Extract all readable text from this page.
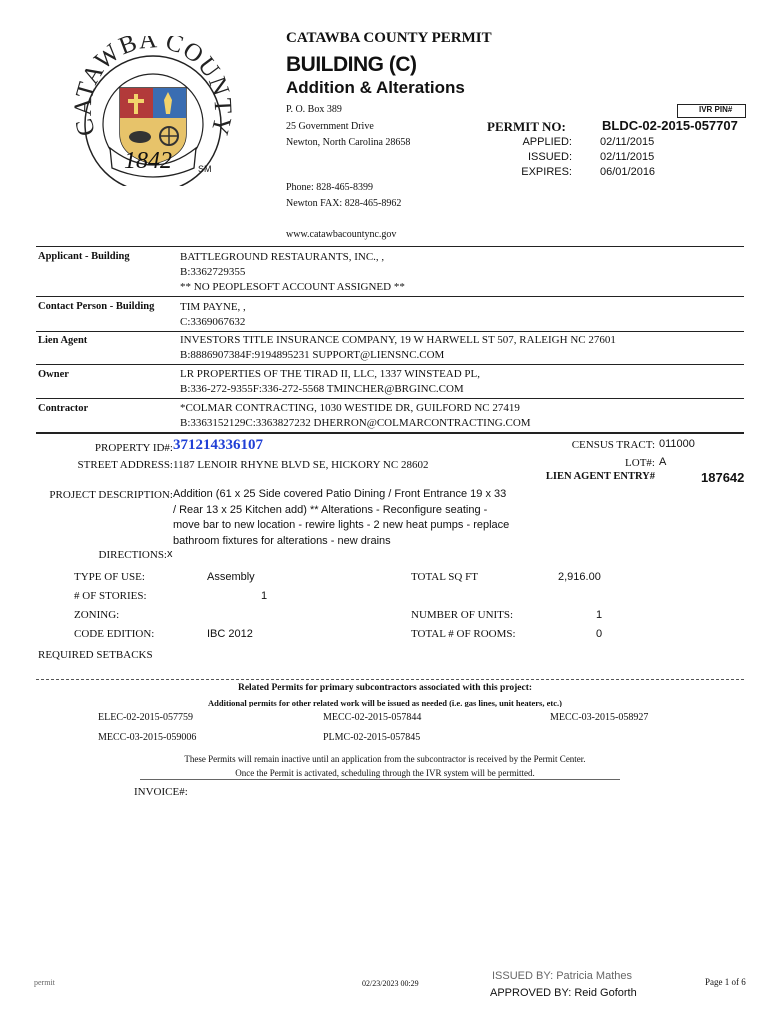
CATAWBA COUNTY
1842	SM
CATAWBA COUNTY PERMIT
BUILDING (C)
Addition & Alterations
P. O. Box 389
25 Government Drive
Newton, North Carolina 28658
Phone: 828-465-8399
Newton FAX: 828-465-8962
www.catawbacountync.gov
IVR PIN#
PERMIT NO:	BLDC-02-2015-057707
APPLIED:	02/11/2015
ISSUED:	02/11/2015
EXPIRES:	06/01/2016
Applicant - Building	BATTLEGROUND RESTAURANTS, INC., ,
B:3362729355
** NO PEOPLESOFT ACCOUNT ASSIGNED **
Contact Person - Building TIM PAYNE, ,
C:3369067632
Lien Agent	INVESTORS TITLE INSURANCE COMPANY, 19 W HARWELL ST 507, RALEIGH NC 27601
B:8886907384F:9194895231 SUPPORT@LIENSNC.COM
Owner	LR PROPERTIES OF THE TIRAD II, LLC, 1337 WINSTEAD PL,
B:336-272-9355F:336-272-5568 TMINCHER@BRGINC.COM
Contractor	*COLMAR CONTRACTING, 1030 WESTIDE DR, GUILFORD NC 27419
B:3363152129C:3363827232 DHERRON@COLMARCONTRACTING.COM
PROPERTY ID#: 371214336107
STREET ADDRESS: 1187 LENOIR RHYNE BLVD SE, HICKORY NC 28602
CENSUS TRACT: 011000
LOT#: A
LIEN AGENT ENTRY#	187642
PROJECT DESCRIPTION: Addition (61 x 25 Side covered Patio Dining / Front Entrance 19 x 33
/ Rear 13 x 25 Kitchen add) ** Alterations - Reconfigure seating -
move bar to new location - rewire lights - 2 new heat pumps - replace
bathroom fixtures for alterations - new drains
DIRECTIONS: x
TYPE OF USE:	Assembly	TOTAL SQ FT	2,916.00
# OF STORIES:	1
ZONING:	NUMBER OF UNITS:	1
CODE EDITION:	IBC 2012	TOTAL # OF ROOMS:	0
REQUIRED SETBACKS
Related Permits for primary subcontractors associated with this project:
Additional permits for other related work will be issued as needed (i.e. gas lines, unit heaters, etc.)
ELEC-02-2015-057759	MECC-02-2015-057844	MECC-03-2015-058927
MECC-03-2015-059006	PLMC-02-2015-057845
These Permits will remain inactive until an application from the subcontractor is received by the Permit Center.
Once the Permit is activated, scheduling through the IVR system will be permitted.
INVOICE#:
permit	02/23/2023 00:29
ISSUED BY: Patricia Mathes
APPROVED BY: Reid Goforth
Page 1 of 6
